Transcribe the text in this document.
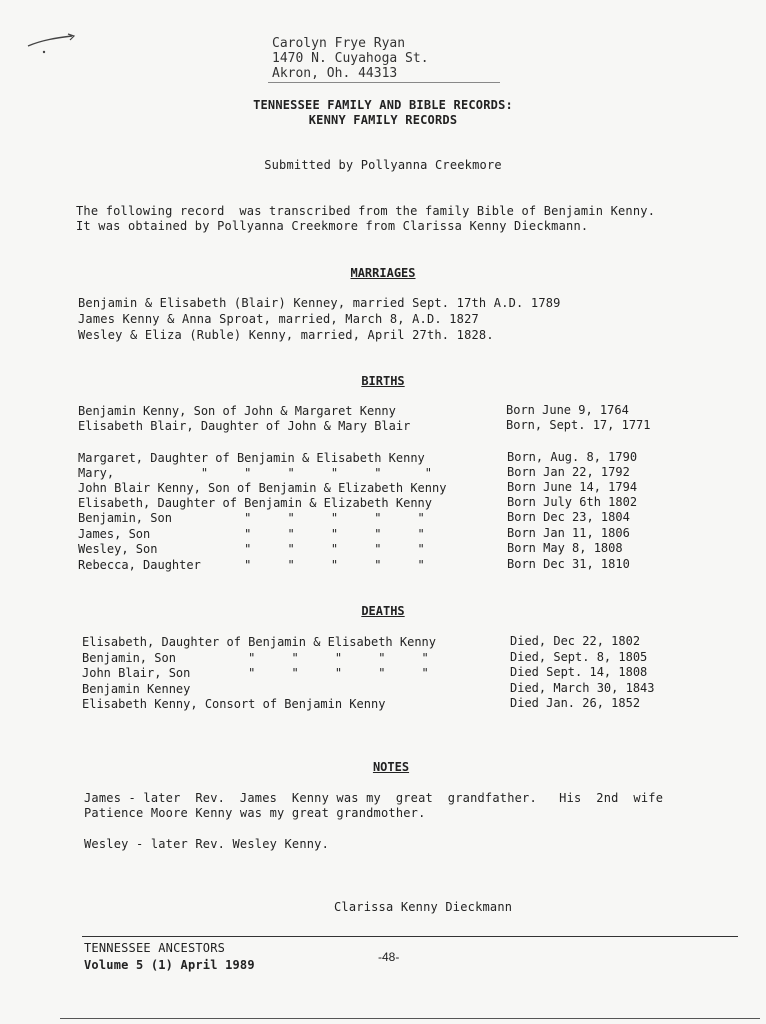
Carolyn Frye Ryan
1470 N. Cuyahoga St.
Akron, Oh. 44313
TENNESSEE FAMILY AND BIBLE RECORDS:
KENNY FAMILY RECORDS
Submitted by Pollyanna Creekmore
The following record  was transcribed from the family Bible of Benjamin Kenny.
It was obtained by Pollyanna Creekmore from Clarissa Kenny Dieckmann.
MARRIAGES
Benjamin & Elisabeth (Blair) Kenney, married Sept. 17th A.D. 1789
James Kenny & Anna Sproat, married, March 8, A.D. 1827
Wesley & Eliza (Ruble) Kenny, married, April 27th. 1828.
BIRTHS
Benjamin Kenny, Son of John & Margaret Kenny	Born June 9, 1764
Elisabeth Blair, Daughter of John & Mary Blair	Born, Sept. 17, 1771
Margaret, Daughter of Benjamin & Elisabeth Kenny	Born, Aug. 8, 1790
Mary,            "     "     "     "     "      "	Born Jan 22, 1792
John Blair Kenny, Son of Benjamin & Elizabeth Kenny	Born June 14, 1794
Elisabeth, Daughter of Benjamin & Elizabeth Kenny	Born July 6th 1802
Benjamin, Son          "     "     "     "     "	Born Dec 23, 1804
James, Son             "     "     "     "     "	Born Jan 11, 1806
Wesley, Son            "     "     "     "     "	Born May 8, 1808
Rebecca, Daughter      "     "     "     "     "	Born Dec 31, 1810
DEATHS
Elisabeth, Daughter of Benjamin & Elisabeth Kenny	Died, Dec 22, 1802
Benjamin, Son          "     "     "     "     "	Died, Sept. 8, 1805
John Blair, Son        "     "     "     "     "	Died Sept. 14, 1808
Benjamin Kenney	Died, March 30, 1843
Elisabeth Kenny, Consort of Benjamin Kenny	Died Jan. 26, 1852
NOTES
James - later  Rev.  James  Kenny was my  great  grandfather.   His  2nd  wife
Patience Moore Kenny was my great grandmother.
Wesley - later Rev. Wesley Kenny.
Clarissa Kenny Dieckmann
TENNESSEE ANCESTORS
Volume 5 (1) April 1989
-48-
